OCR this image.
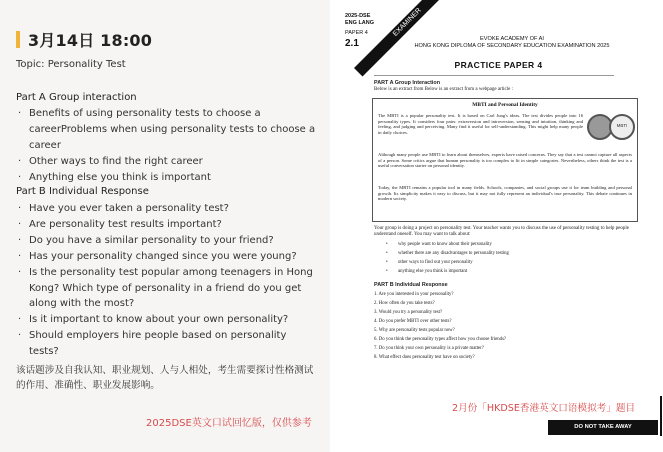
3月14日 18:00
Topic: Personality Test
Part A Group interaction
· Benefits of using personality tests to choose a careerProblems when using personality tests to choose a career
· Other ways to find the right career
· Anything else you think is important
Part B Individual Response
· Have you ever taken a personality test?
· Are personality test results important?
· Do you have a similar personality to your friend?
· Has your personality changed since you were young?
· Is the personality test popular among teenagers in Hong Kong? Which type of personality in a friend do you get along with the most?
· Is it important to know about your own personality?
· Should employers hire people based on personality tests?
该话题涉及自我认知、职业规划、人与人相处，考生需要探讨性格测试的作用、准确性、职业发展影响。
2025DSE英文口试回忆版，仅供参考
2025-DSE
ENG LANG
PAPER 4
2.1
EXAMINER
EVOKE ACADEMY OF AI
HONG KONG DIPLOMA OF SECONDARY EDUCATION EXAMINATION 2025
PRACTICE PAPER 4
PART A Group Interaction
Below is an extract from Below is an extract from a webpage article :
MBTI and Personal Identity
The MBTI is a popular personality test. It is based on Carl Jung's ideas. The test divides people into 16 personality types. It considers four pairs: extraversion and introversion, sensing and intuition, thinking and feeling, and judging and perceiving. Many find it useful for self-understanding. This might help many people in daily choices.
MBTI
Although many people use MBTI to learn about themselves, experts have raised concerns. They say that a test cannot capture all aspects of a person. Some critics argue that human personality is too complex to fit in simple categories. Nevertheless, others think the test is a useful conversation starter on personal identity.
Today, the MBTI remains a popular tool in many fields. Schools, companies, and social groups use it for team building and personal growth. Its simplicity makes it easy to discuss, but it may not fully represent an individual's true personality. This debate continues in modern society.
Your group is doing a project on personality test. Your teacher wants you to discuss the use of personality testing to help people understand oneself. You may want to talk about:
• why people want to know about their personality
• whether there are any disadvantages to personality testing
• other ways to find out your personality
• anything else you think is important
PART B Individual Response
1. Are you interested in your personality?
2. How often do you take tests?
3. Would you try a personality test?
4. Do you prefer MBTI over other tests?
5. Why are personality tests popular now?
6. Do you think the personality types affect how you choose friends?
7. Do you think your own personality is a private matter?
8. What effect does personality test have on society?
2月份「HKDSE香港英文口语模拟考」题目
DO NOT TAKE AWAY
